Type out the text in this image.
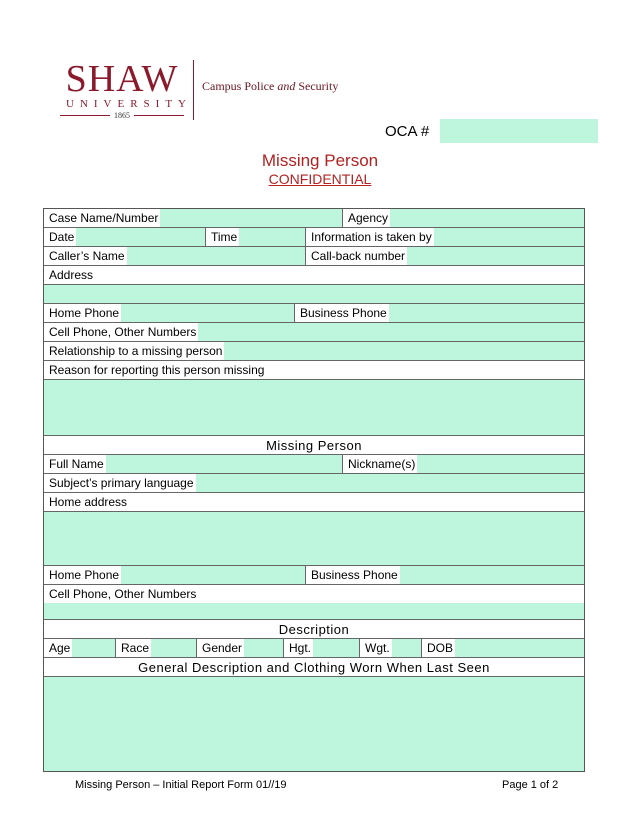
SHAW
UNIVERSITY
1865
Campus Police and Security
OCA #
Missing Person
CONFIDENTIAL
Case Name/Number	Agency
Date	Time	Information is taken by
Caller’s Name	Call-back number
Address
Home Phone	Business Phone
Cell Phone, Other Numbers
Relationship to a missing person
Reason for reporting this person missing
Missing Person
Full Name	Nickname(s)
Subject’s primary language
Home address
Home Phone	Business Phone
Cell Phone, Other Numbers
Description
Age	Race	Gender	Hgt.	Wgt.	DOB
General Description and Clothing Worn When Last Seen
Missing Person – Initial Report Form 01//19	Page 1 of 2
